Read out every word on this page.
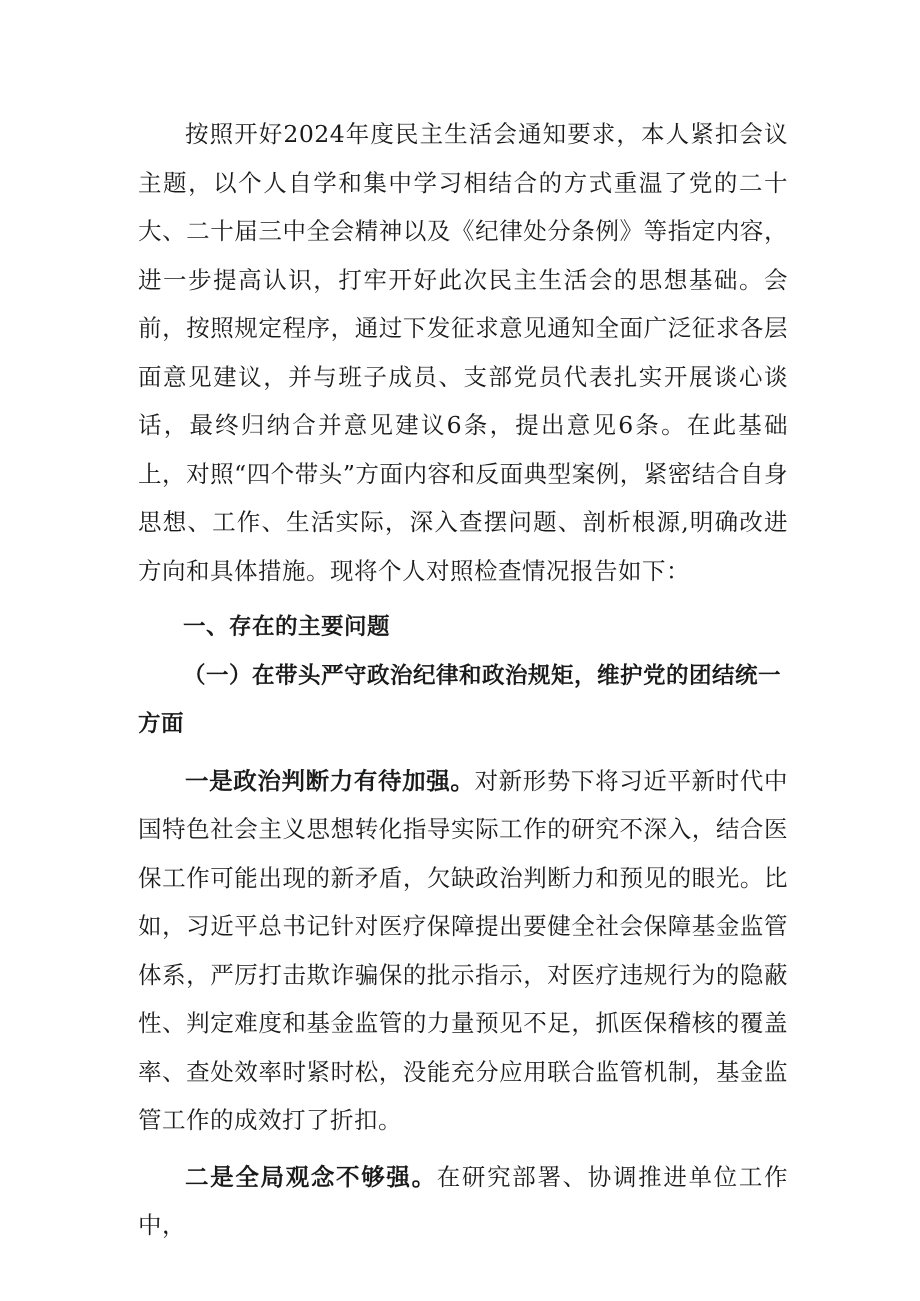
按照开好2024年度民主生活会通知要求，本人紧扣会议主题，以个人自学和集中学习相结合的方式重温了党的二十大、二十届三中全会精神以及《纪律处分条例》等指定内容，进一步提高认识，打牢开好此次民主生活会的思想基础。会前，按照规定程序，通过下发征求意见通知全面广泛征求各层面意见建议，并与班子成员、支部党员代表扎实开展谈心谈话，最终归纳合并意见建议6条，提出意见6条。在此基础上，对照“四个带头”方面内容和反面典型案例，紧密结合自身思想、工作、生活实际，深入查摆问题、剖析根源,明确改进方向和具体措施。现将个人对照检查情况报告如下：

一、存在的主要问题

（一）在带头严守政治纪律和政治规矩，维护党的团结统一方面

一是政治判断力有待加强。对新形势下将习近平新时代中国特色社会主义思想转化指导实际工作的研究不深入，结合医保工作可能出现的新矛盾，欠缺政治判断力和预见的眼光。比如，习近平总书记针对医疗保障提出要健全社会保障基金监管体系，严厉打击欺诈骗保的批示指示，对医疗违规行为的隐蔽性、判定难度和基金监管的力量预见不足，抓医保稽核的覆盖率、查处效率时紧时松，没能充分应用联合监管机制，基金监管工作的成效打了折扣。

二是全局观念不够强。在研究部署、协调推进单位工作中，
